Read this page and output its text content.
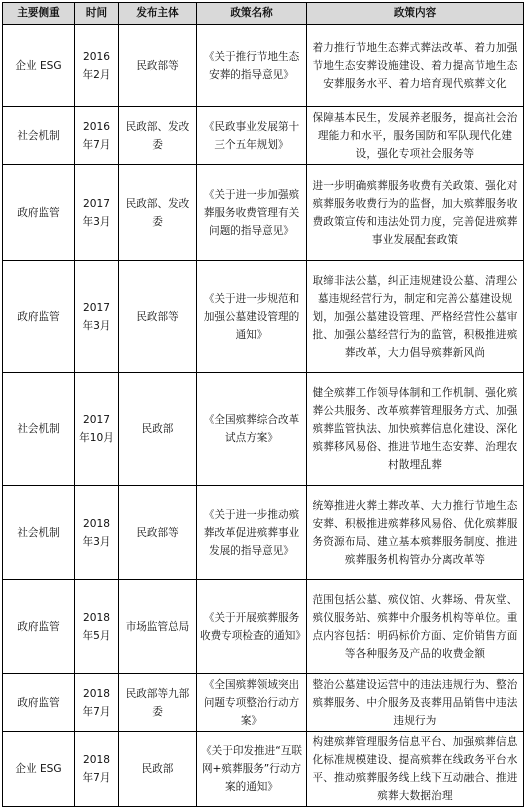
主要侧重	时间	发布主体	政策名称	政策内容
企业 ESG	2016年2月	民政部等	《关于推行节地生态安葬的指导意见》	着力推行节地生态葬式葬法改革、着力加强节地生态安葬设施建设、着力提高节地生态安葬服务水平、着力培育现代殡葬文化
社会机制	2016年7月	民政部、发改委	《民政事业发展第十三个五年规划》	保障基本民生，发展养老服务，提高社会治理能力和水平，服务国防和军队现代化建设，强化专项社会服务等
政府监管	2017年3月	民政部、发改委	《关于进一步加强殡葬服务收费管理有关问题的指导意见》	进一步明确殡葬服务收费有关政策、强化对殡葬服务收费行为的监督，加大殡葬服务收费政策宣传和违法处罚力度，完善促进殡葬事业发展配套政策
政府监管	2017年3月	民政部等	《关于进一步规范和加强公墓建设管理的通知》	取缔非法公墓，纠正违规建设公墓、清理公墓违规经营行为，制定和完善公墓建设规划，加强公墓建设管理、严格经营性公墓审批、加强公墓经营行为的监管，积极推进殡葬改革，大力倡导殡葬新风尚
社会机制	2017年10月	民政部	《全国殡葬综合改革试点方案》	健全殡葬工作领导体制和工作机制、强化殡葬公共服务、改革殡葬管理服务方式、加强殡葬监管执法、加快殡葬信息化建设、深化殡葬移风易俗、推进节地生态安葬、治理农村散埋乱葬
社会机制	2018年3月	民政部等	《关于进一步推动殡葬改革促进殡葬事业发展的指导意见》	统筹推进火葬土葬改革、大力推行节地生态安葬、积极推进殡葬移风易俗、优化殡葬服务资源布局、建立基本殡葬服务制度、推进殡葬服务机构管办分离改革等
政府监管	2018年5月	市场监管总局	《关于开展殡葬服务收费专项检查的通知》	范围包括公墓、殡仪馆、火葬场、骨灰堂、殡仪服务站、殡葬中介服务机构等单位。重点内容包括：明码标价方面、定价销售方面等各种服务及产品的收费金额
政府监管	2018年7月	民政部等九部委	《全国殡葬领域突出问题专项整治行动方案》	整治公墓建设运营中的违法违规行为、整治殡葬服务、中介服务及丧葬用品销售中违法违规行为
企业 ESG	2018年7月	民政部	《关于印发推进“互联网+殡葬服务”行动方案的通知》	构建殡葬管理服务信息平台、加强殡葬信息化标准规模建设、提高殡葬在线政务平台水平、推动殡葬服务线上线下互动融合、推进殡葬大数据治理
